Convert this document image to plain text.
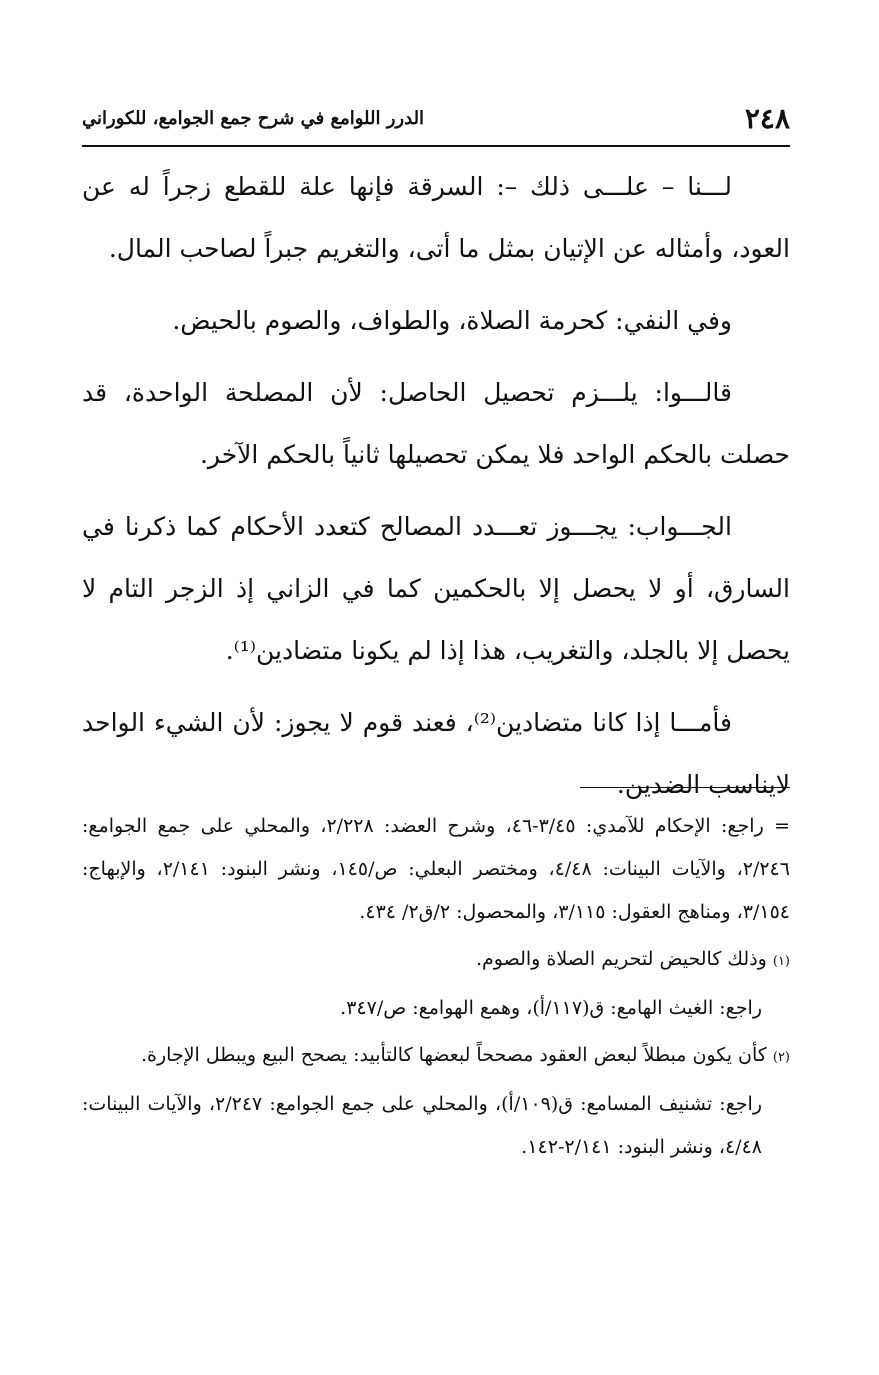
٢٤٨
الدرر اللوامع في شرح جمع الجوامع، للكوراني

لـــنا – علـــى ذلك –: السرقة فإنها علة للقطع زجراً له عن العود، وأمثاله عن الإتيان بمثل ما أتى، والتغريم جبراً لصاحب المال.

وفي النفي: كحرمة الصلاة، والطواف، والصوم بالحيض.

قالـــوا: يلـــزم تحصيل الحاصل: لأن المصلحة الواحدة، قد حصلت بالحكم الواحد فلا يمكن تحصيلها ثانياً بالحكم الآخر.

الجـــواب: يجـــوز تعـــدد المصالح كتعدد الأحكام كما ذكرنا في السارق، أو لا يحصل إلا بالحكمين كما في الزاني إذ الزجر التام لا يحصل إلا بالجلد، والتغريب، هذا إذا لم يكونا متضادين⁽¹⁾.

فأمـــا إذا كانا متضادين⁽²⁾، فعند قوم لا يجوز: لأن الشيء الواحد لايناسب الضدين.

= راجع: الإحكام للآمدي: ٣/٤٥-٤٦، وشرح العضد: ٢/٢٢٨، والمحلي على جمع الجوامع: ٢/٢٤٦، والآيات البينات: ٤/٤٨، ومختصر البعلي: ص/١٤٥، ونشر البنود: ٢/١٤١، والإبهاج: ٣/١٥٤، ومناهج العقول: ٣/١١٥، والمحصول: ٢/ق٢/ ٤٣٤.

(١)وذلك كالحيض لتحريم الصلاة والصوم.

راجع: الغيث الهامع: ق(١١٧/أ)، وهمع الهوامع: ص/٣٤٧.

(٢)كأن يكون مبطلاً لبعض العقود مصححاً لبعضها كالتأبيد: يصحح البيع ويبطل الإجارة.

راجع: تشنيف المسامع: ق(١٠٩/أ)، والمحلي على جمع الجوامع: ٢/٢٤٧، والآيات البينات: ٤/٤٨، ونشر البنود: ٢/١٤١-١٤٢.
